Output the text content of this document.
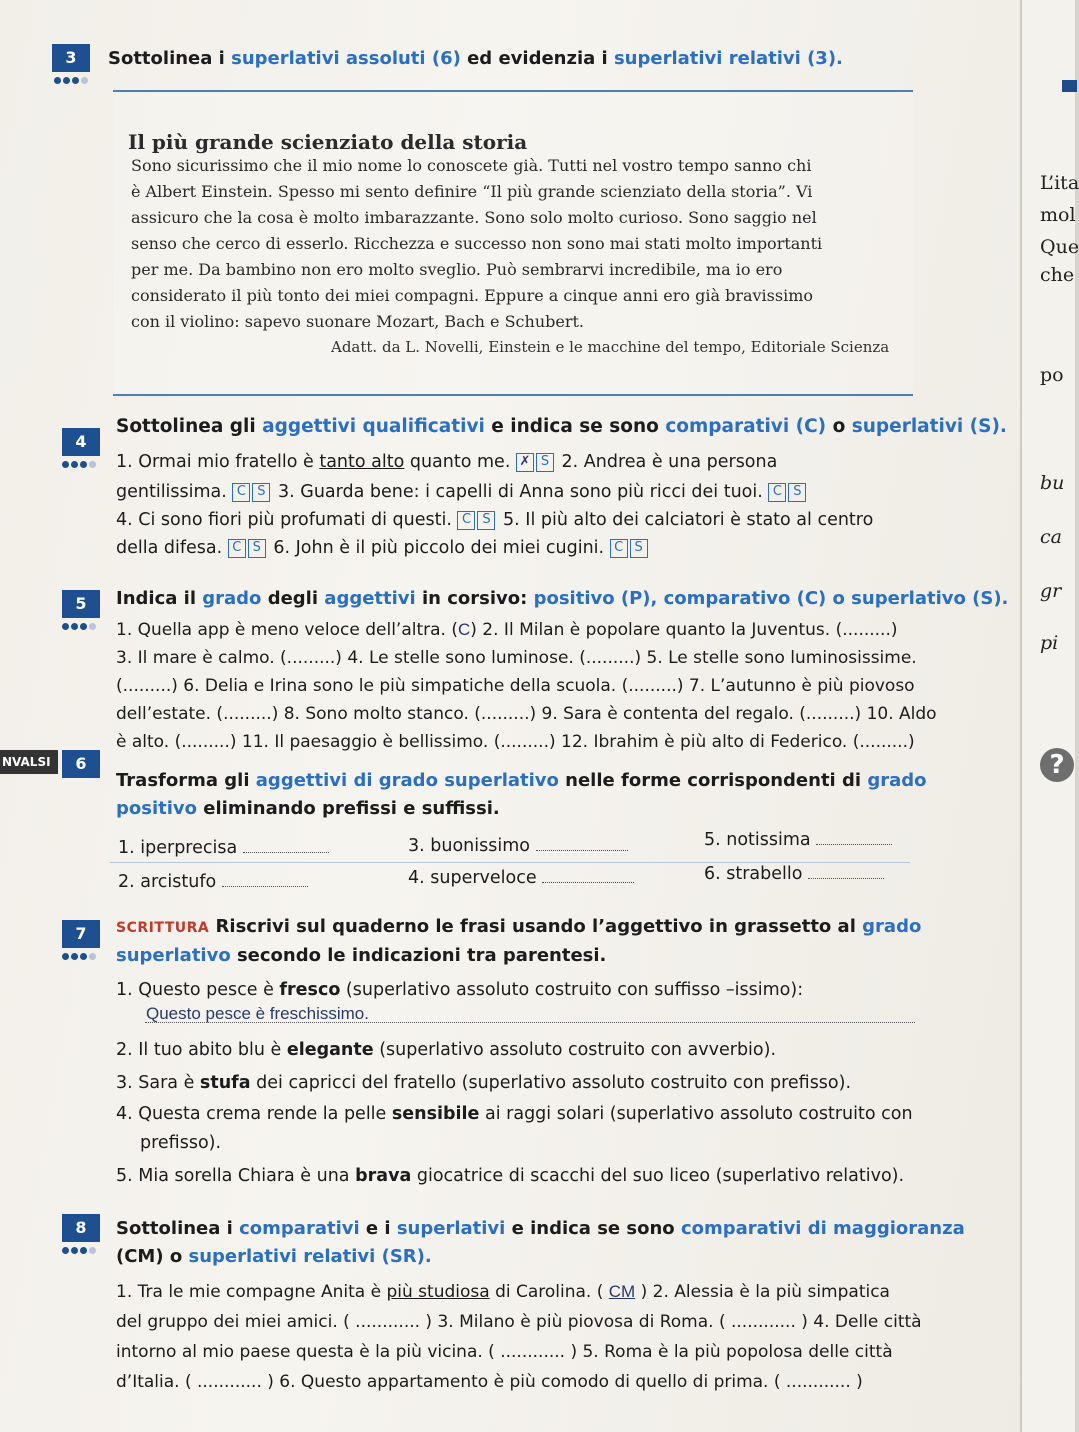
3	Sottolinea i superlativi assoluti (6) ed evidenzia i superlativi relativi (3).
Il più grande scienziato della storia
Sono sicurissimo che il mio nome lo conoscete già. Tutti nel vostro tempo sanno chi
è Albert Einstein. Spesso mi sento definire “Il più grande scienziato della storia”. Vi
assicuro che la cosa è molto imbarazzante. Sono solo molto curioso. Sono saggio nel
senso che cerco di esserlo. Ricchezza e successo non sono mai stati molto importanti
per me. Da bambino non ero molto sveglio. Può sembrarvi incredibile, ma io ero
considerato il più tonto dei miei compagni. Eppure a cinque anni ero già bravissimo
con il violino: sapevo suonare Mozart, Bach e Schubert.
Adatt. da L. Novelli, Einstein e le macchine del tempo, Editoriale Scienza
4
Sottolinea gli aggettivi qualificativi e indica se sono comparativi (C) o superlativi (S).
1. Ormai mio fratello è tanto alto quanto me. ✗ S 2. Andrea è una persona
gentilissima. C S 3. Guarda bene: i capelli di Anna sono più ricci dei tuoi. C S
4. Ci sono fiori più profumati di questi. C S 5. Il più alto dei calciatori è stato al centro
della difesa. C S 6. John è il più piccolo dei miei cugini. C S
5	Indica il grado degli aggettivi in corsivo: positivo (P), comparativo (C) o superlativo (S).
1. Quella app è meno veloce dell’altra. (C) 2. Il Milan è popolare quanto la Juventus. (.........)
3. Il mare è calmo. (.........) 4. Le stelle sono luminose. (.........) 5. Le stelle sono luminosissime.
(.........) 6. Delia e Irina sono le più simpatiche della scuola. (.........) 7. L’autunno è più piovoso
dell’estate. (.........) 8. Sono molto stanco. (.........) 9. Sara è contenta del regalo. (.........) 10. Aldo
è alto. (.........) 11. Il paesaggio è bellissimo. (.........) 12. Ibrahim è più alto di Federico. (.........)
NVALSI	6
Trasforma gli aggettivi di grado superlativo nelle forme corrispondenti di grado
positivo eliminando prefissi e suffissi.
1. iperprecisa
2. arcistufo
3. buonissimo
4. superveloce
5. notissima
6. strabello
7	SCRITTURA Riscrivi sul quaderno le frasi usando l’aggettivo in grassetto al grado
superlativo secondo le indicazioni tra parentesi.
1. Questo pesce è fresco (superlativo assoluto costruito con suffisso –issimo):
Questo pesce è freschissimo.
2. Il tuo abito blu è elegante (superlativo assoluto costruito con avverbio).
3. Sara è stufa dei capricci del fratello (superlativo assoluto costruito con prefisso).
4. Questa crema rende la pelle sensibile ai raggi solari (superlativo assoluto costruito con
prefisso).
5. Mia sorella Chiara è una brava giocatrice di scacchi del suo liceo (superlativo relativo).
8	Sottolinea i comparativi e i superlativi e indica se sono comparativi di maggioranza
(CM) o superlativi relativi (SR).
1. Tra le mie compagne Anita è più studiosa di Carolina. ( CM ) 2. Alessia è la più simpatica
del gruppo dei miei amici. ( ............ ) 3. Milano è più piovosa di Roma. ( ............ ) 4. Delle città
intorno al mio paese questa è la più vicina. ( ............ ) 5. Roma è la più popolosa delle città
d’Italia. ( ............ ) 6. Questo appartamento è più comodo di quello di prima. ( ............ )
L’ita
mol
Que
che
po
bu
ca
gr
pi
?
